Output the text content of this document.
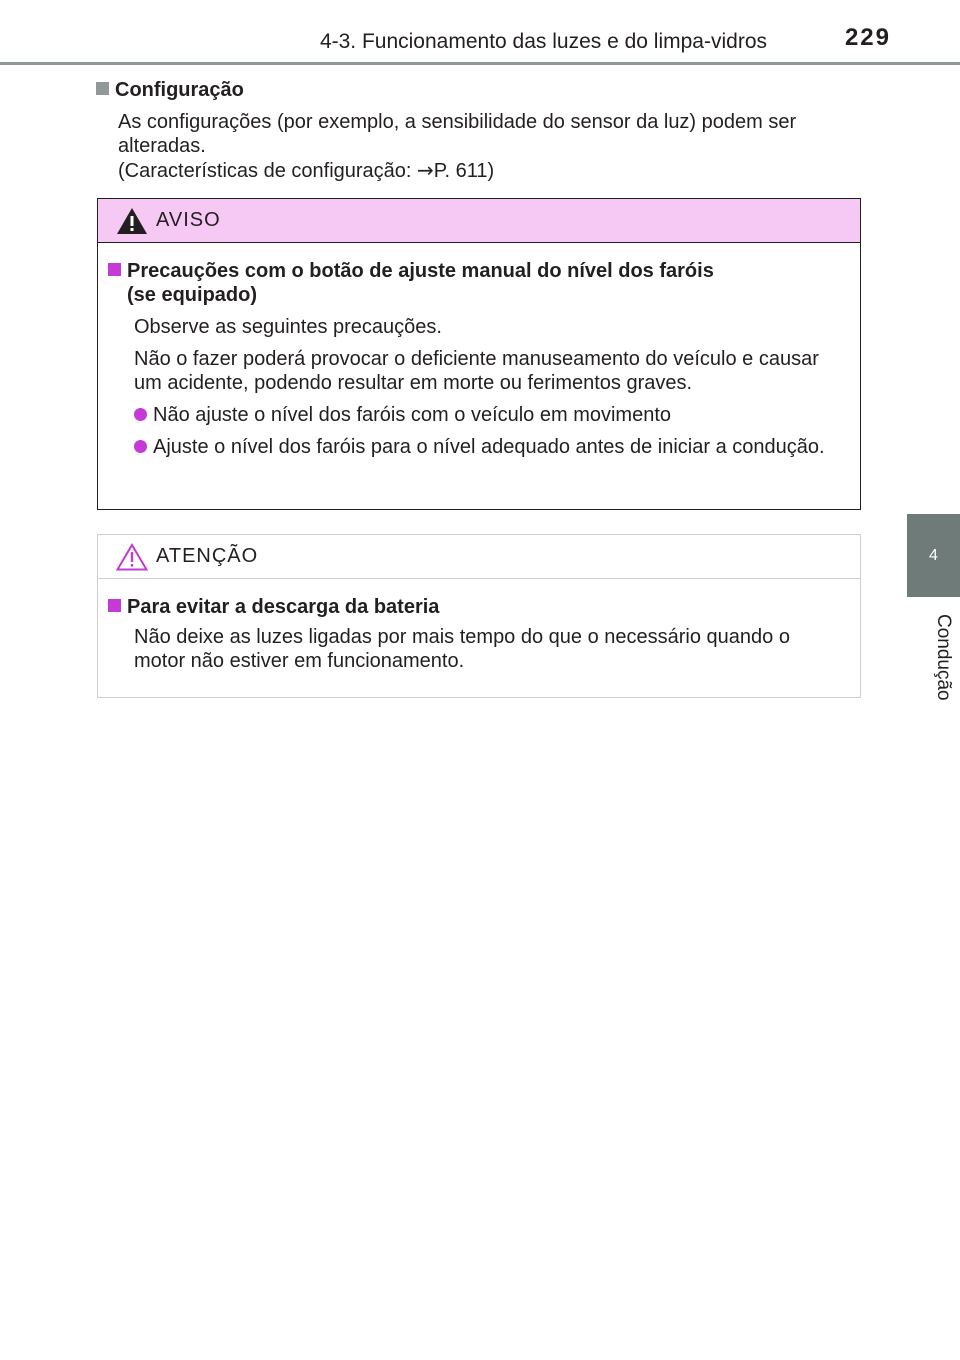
4-3. Funcionamento das luzes e do limpa-vidros	229
4
Condução
Configuração
As configurações (por exemplo, a sensibilidade do sensor da luz) podem ser alteradas.
(Características de configuração: →P. 611)
AVISO
Precauções com o botão de ajuste manual do nível dos faróis
(se equipado)
Observe as seguintes precauções.
Não o fazer poderá provocar o deficiente manuseamento do veículo e causar um acidente, podendo resultar em morte ou ferimentos graves.
Não ajuste o nível dos faróis com o veículo em movimento
Ajuste o nível dos faróis para o nível adequado antes de iniciar a condução.
ATENÇÃO
Para evitar a descarga da bateria
Não deixe as luzes ligadas por mais tempo do que o necessário quando o motor não estiver em funcionamento.
